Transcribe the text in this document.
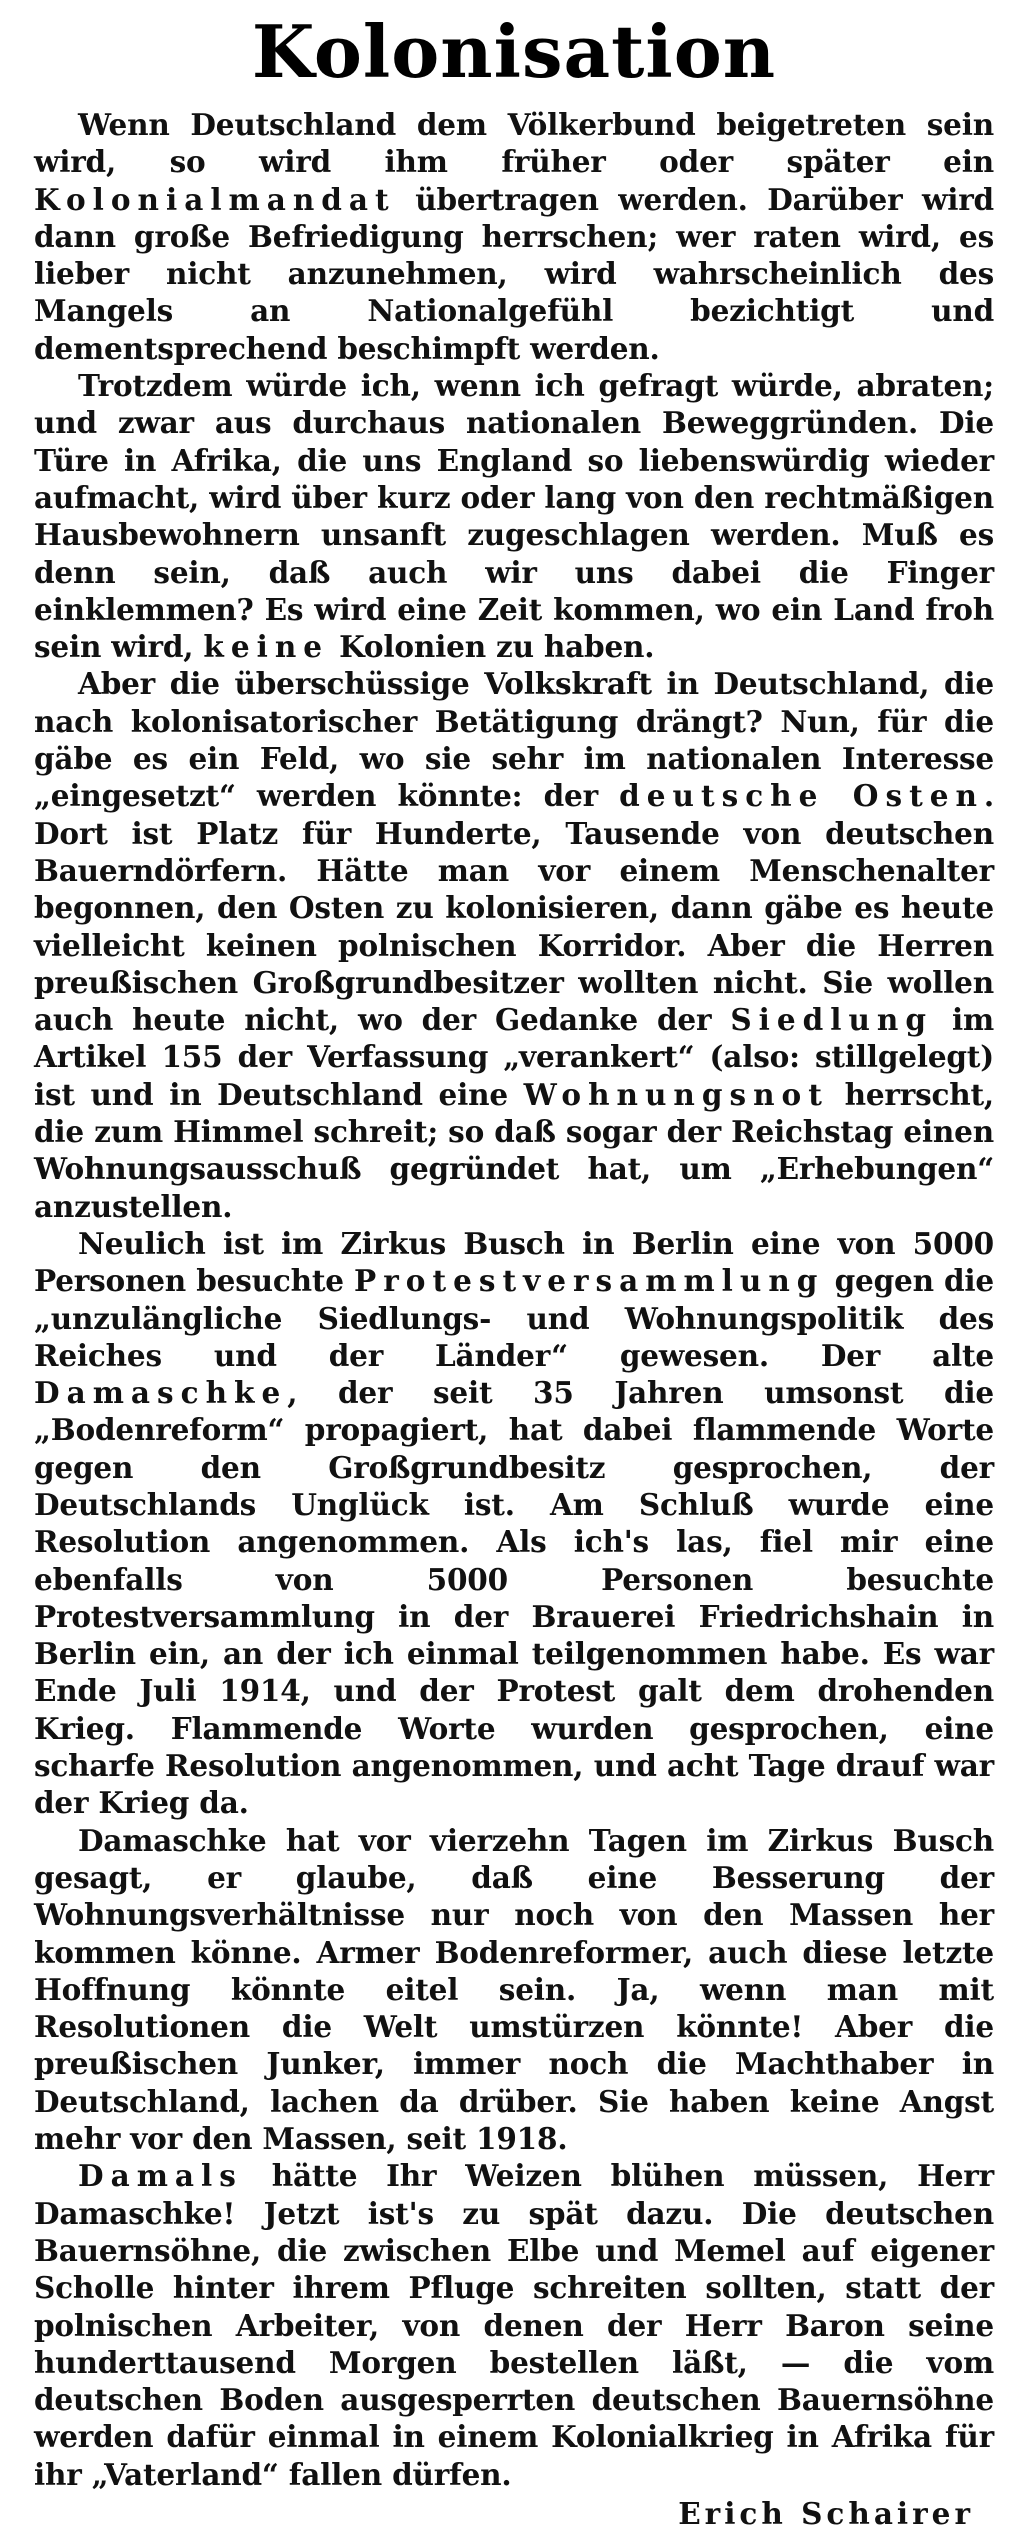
Kolonisation

Wenn Deutschland dem Völkerbund beigetreten sein wird, so wird ihm früher oder später ein Kolonialmandat übertragen werden. Darüber wird dann große Befriedigung herrschen; wer raten wird, es lieber nicht anzunehmen, wird wahrscheinlich des Mangels an Nationalgefühl bezichtigt und dementsprechend beschimpft werden.

Trotzdem würde ich, wenn ich gefragt würde, abraten; und zwar aus durchaus nationalen Beweggründen. Die Türe in Afrika, die uns England so liebenswürdig wieder aufmacht, wird über kurz oder lang von den rechtmäßigen Hausbewohnern unsanft zugeschlagen werden. Muß es denn sein, daß auch wir uns dabei die Finger einklemmen? Es wird eine Zeit kommen, wo ein Land froh sein wird, keine Kolonien zu haben.

Aber die überschüssige Volkskraft in Deutschland, die nach kolonisatorischer Betätigung drängt? Nun, für die gäbe es ein Feld, wo sie sehr im nationalen Interesse „eingesetzt“ werden könnte: der deutsche Osten. Dort ist Platz für Hunderte, Tausende von deutschen Bauerndörfern. Hätte man vor einem Menschenalter begonnen, den Osten zu kolonisieren, dann gäbe es heute vielleicht keinen polnischen Korridor. Aber die Herren preußischen Großgrundbesitzer wollten nicht. Sie wollen auch heute nicht, wo der Gedanke der Siedlung im Artikel 155 der Verfassung „verankert“ (also: stillgelegt) ist und in Deutschland eine Wohnungsnot herrscht, die zum Himmel schreit; so daß sogar der Reichstag einen Wohnungsausschuß gegründet hat, um „Erhebungen“ anzustellen.

Neulich ist im Zirkus Busch in Berlin eine von 5000 Personen besuchte Protestversammlung gegen die „unzulängliche Siedlungs- und Wohnungspolitik des Reiches und der Länder“ gewesen. Der alte Damaschke, der seit 35 Jahren umsonst die „Bodenreform“ propagiert, hat dabei flammende Worte gegen den Großgrundbesitz gesprochen, der Deutschlands Unglück ist. Am Schluß wurde eine Resolution angenommen. Als ich's las, fiel mir eine ebenfalls von 5000 Personen besuchte Protestversammlung in der Brauerei Friedrichshain in Berlin ein, an der ich einmal teilgenommen habe. Es war Ende Juli 1914, und der Protest galt dem drohenden Krieg. Flammende Worte wurden gesprochen, eine scharfe Resolution angenommen, und acht Tage drauf war der Krieg da.

Damaschke hat vor vierzehn Tagen im Zirkus Busch gesagt, er glaube, daß eine Besserung der Wohnungsverhältnisse nur noch von den Massen her kommen könne. Armer Bodenreformer, auch diese letzte Hoffnung könnte eitel sein. Ja, wenn man mit Resolutionen die Welt umstürzen könnte! Aber die preußischen Junker, immer noch die Machthaber in Deutschland, lachen da drüber. Sie haben keine Angst mehr vor den Massen, seit 1918.

Damals hätte Ihr Weizen blühen müssen, Herr Damaschke! Jetzt ist's zu spät dazu. Die deutschen Bauernsöhne, die zwischen Elbe und Memel auf eigener Scholle hinter ihrem Pfluge schreiten sollten, statt der polnischen Arbeiter, von denen der Herr Baron seine hunderttausend Morgen bestellen läßt, — die vom deutschen Boden ausgesperrten deutschen Bauernsöhne werden dafür einmal in einem Kolonialkrieg in Afrika für ihr „Vaterland“ fallen dürfen.

Erich Schairer
